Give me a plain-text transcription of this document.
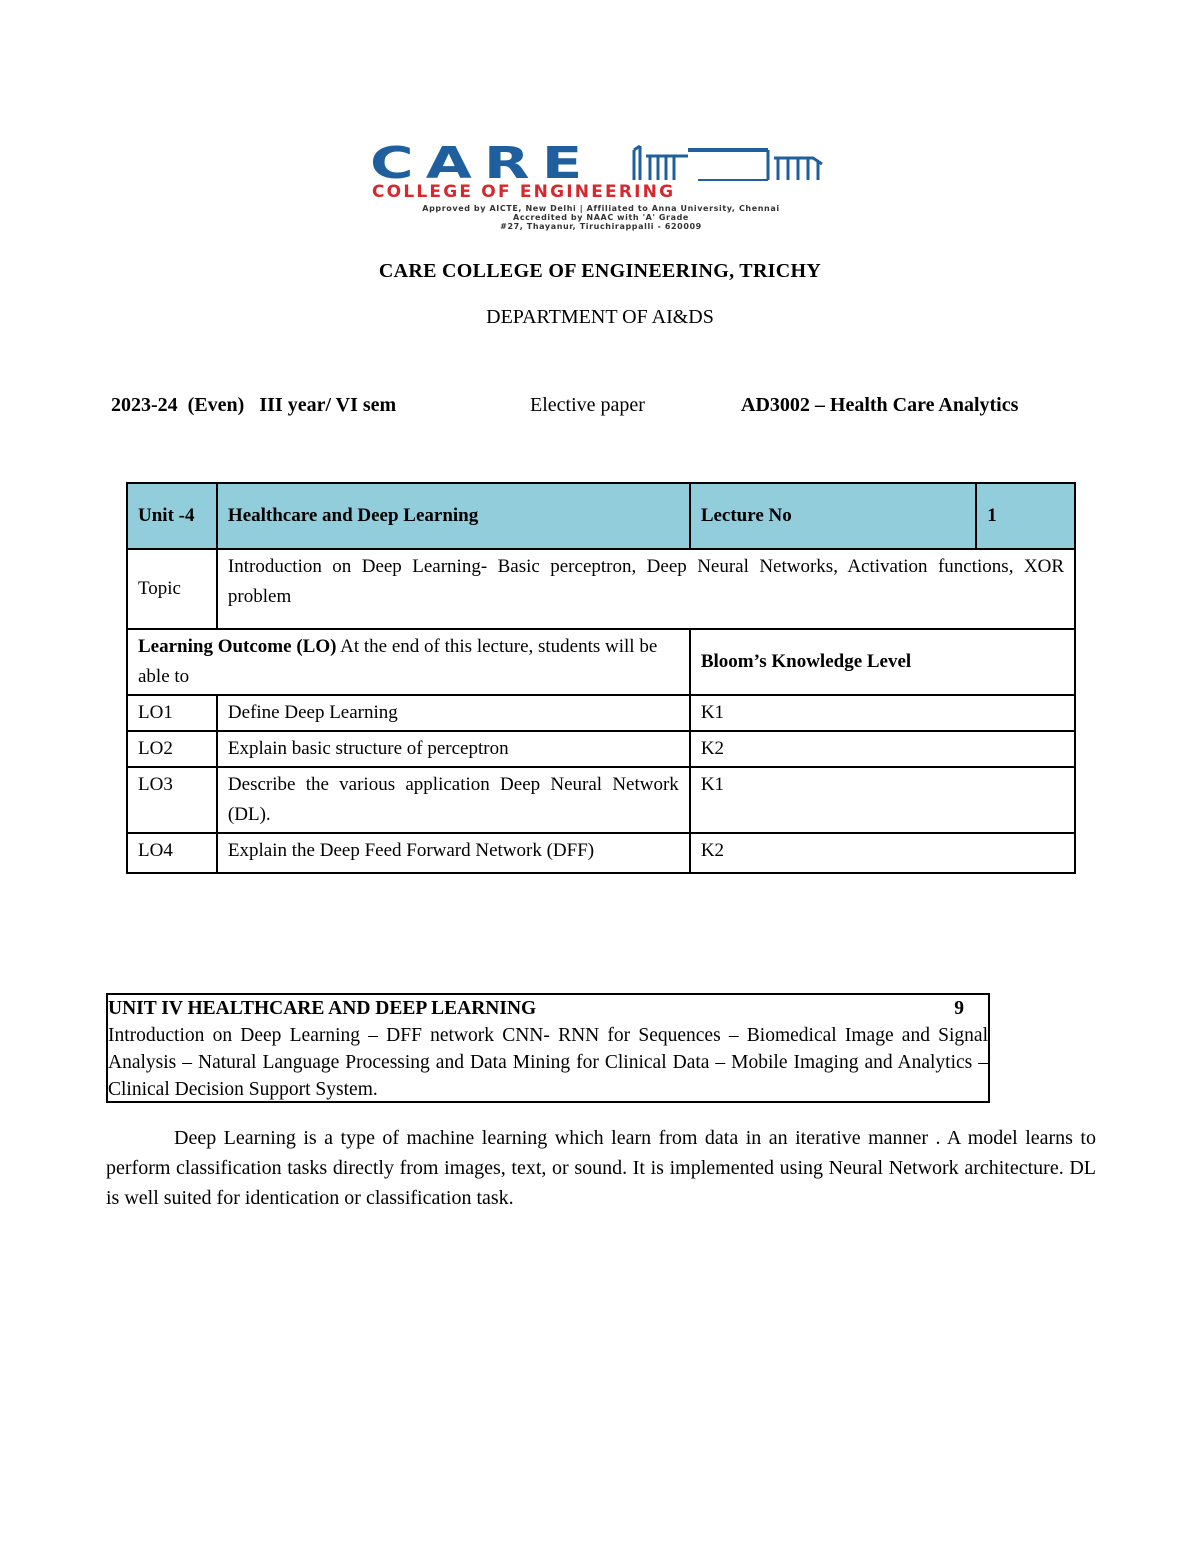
CARE
COLLEGE OF ENGINEERING
Approved by AICTE, New Delhi | Affiliated to Anna University, Chennai
Accredited by NAAC with 'A' Grade
#27, Thayanur, Tiruchirappalli - 620009
CARE COLLEGE OF ENGINEERING, TRICHY
DEPARTMENT OF AI&DS
2023-24 (Even) III year/ VI sem	Elective paper	AD3002 – Health Care Analytics
Unit -4	Healthcare and Deep Learning	Lecture No	1
Topic	Introduction on Deep Learning- Basic perceptron, Deep Neural Networks, Activation functions, XOR problem		
Learning Outcome (LO) At the end of this lecture, students will be able to		Bloom’s Knowledge Level	
LO1	Define Deep Learning	K1	
LO2	Explain basic structure of perceptron	K2	
LO3	Describe the various application Deep Neural Network (DL).	K1	
LO4	Explain the Deep Feed Forward Network (DFF)	K2	
UNIT IV HEALTHCARE AND DEEP LEARNING	9
Introduction on Deep Learning – DFF network CNN- RNN for Sequences – Biomedical Image and Signal Analysis – Natural Language Processing and Data Mining for Clinical Data – Mobile Imaging and Analytics – Clinical Decision Support System.
Deep Learning is a type of machine learning which learn from data in an iterative manner . A model learns to perform classification tasks directly from images, text, or sound. It is implemented using Neural Network architecture. DL is well suited for identication or classification task.
